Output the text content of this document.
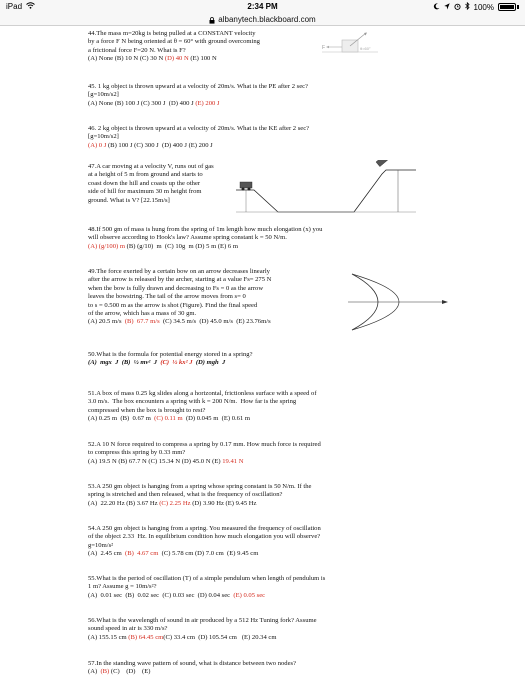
iPad	2:34 PM	100%
albanytech.blackboard.com

44.The mass m=20kg is being pulled at a CONSTANT velocity

by a force F N being oriented at θ = 60° with ground overcoming

a frictional force F=20 N. What is F?

(A) None (B) 10 N (C) 30 N (D) 40 N (E) 100 N

F	θ=60°

45. 1 kg object is thrown upward at a velocity of 20m/s. What is the PE after 2 sec?

[g=10m/s2]

(A) None (B) 100 J (C) 300 J  (D) 400 J (E) 200 J

46. 2 kg object is thrown upward at a velocity of 20m/s. What is the KE after 2 sec?

[g=10m/s2]

(A) 0 J (B) 100 J (C) 300 J  (D) 400 J (E) 200 J

47.A car moving at a velocity V, runs out of gas

at a height of 5 m from ground and starts to

coast down the hill and coasts up the other

side of hill for maximum 30 m height from

ground. What is V? [22.15m/s]

48.If 500 gm of mass is hung from the spring of 1m length how much elongation (x) you

will observe according to Hook's law? Assume spring constant k = 50 N/m.

(A) (g/100) m (B) (g/10)  m  (C) 10g  m (D) 5 m (E) 6 m

49.The force exerted by a certain bow on an arrow decreases linearly

after the arrow is released by the archer, starting at a value Fs= 275 N

when the bow is fully drawn and decreasing to Fs = 0 as the arrow

leaves the bowstring. The tail of the arrow moves from s= 0

to s = 0.500 m as the arrow is shot (Figure). Find the final speed

of the arrow, which has a mass of 30 gm.

(A) 20.5 m/s  (B)  67.7 m/s  (C) 34.5 m/s  (D) 45.0 m/s  (E) 23.76m/s

50.What is the formula for potential energy stored in a spring?

(A)  mgx  J  (B)  ½ mv²  J  (C)  ½ kx² J  (D) mgh  J

51.A box of mass 0.25 kg slides along a horizontal, frictionless surface with a speed of

3.0 m/s.  The box encounters a spring with k = 200 N/m.  How far is the spring

compressed when the box is brought to rest?

(A) 0.25 m  (B)  0.67 m  (C) 0.11 m  (D) 0.045 m  (E) 0.61 m

52.A 10 N force required to compress a spring by 0.17 mm. How much force is required

to compress this spring by 0.33 mm?

(A) 19.5 N (B) 67.7 N (C) 15.34 N (D) 45.0 N (E) 19.41 N

53.A 250 gm object is hanging from a spring whose spring constant is 50 N/m. If the

spring is stretched and then released, what is the frequency of oscillation?

(A)  22.20 Hz (B) 3.67 Hz (C) 2.25 Hz (D) 3.90 Hz (E) 9.45 Hz

54.A 250 gm object is hanging from a spring. You measured the frequency of oscillation

of the object 2.33  Hz. In equilibrium condition how much elongation you will observe?

g=10m/s²

(A)  2.45 cm  (B)  4.67 cm  (C) 5.78 cm (D) 7.0 cm  (E) 9.45 cm

55.What is the period of oscillation (T) of a simple pendulum when length of pendulum is

1 m? Assume g = 10m/s²?

(A)  0.01 sec  (B)  0.02 sec  (C) 0.03 sec  (D) 0.04 sec  (E) 0.05 sec

56.What is the wavelength of sound in air produced by a 512 Hz Tuning fork? Assume

sound speed in air is 330 m/s?

(A) 155.15 cm (B) 64.45 cm(C) 33.4 cm  (D) 105.54 cm   (E) 20.34 cm

57.In the standing wave pattern of sound, what is distance between two nodes?

(A)  (B) (C)    (D)    (E)
